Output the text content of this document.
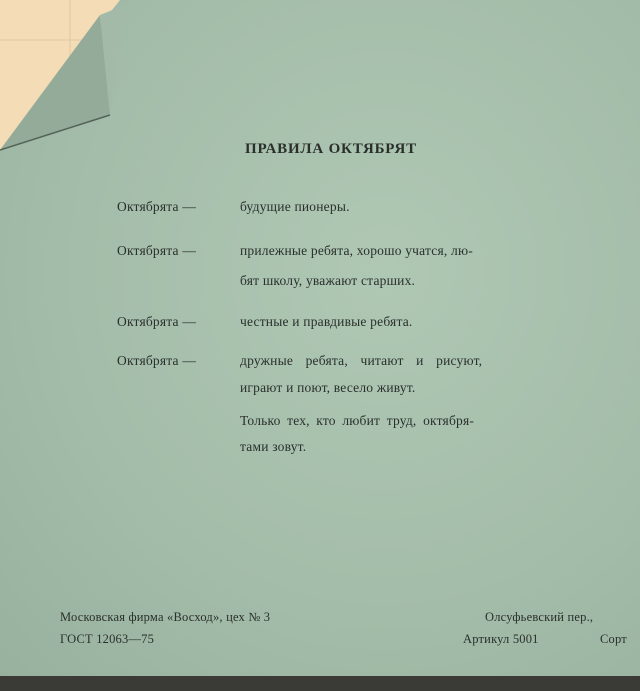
ПРАВИЛА ОКТЯБРЯТ
Октябрята —	будущие пионеры.
Октябрята —	прилежные ребята, хорошо учатся, лю-
бят школу, уважают старших.
Октябрята —	честные и правдивые ребята.
Октябрята —	дружные ребята, читают и рисуют,
играют и поют, весело живут.
Только тех, кто любит труд, октября-
тами зовут.
Московская фирма «Восход», цех № 3
ГОСТ 12063—75
Олсуфьевский пер.,
Артикул 5001	Сорт
